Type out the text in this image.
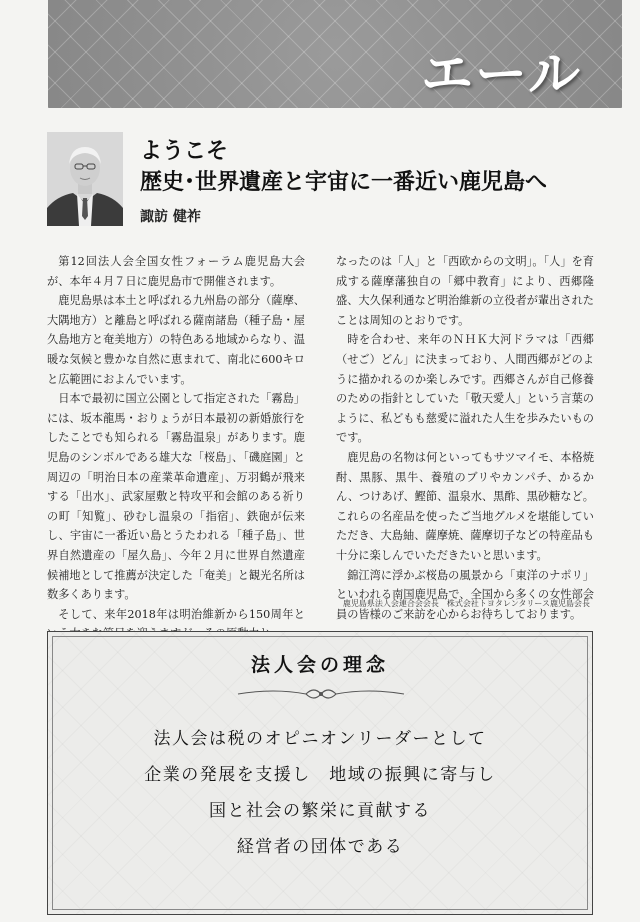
エール
ようこそ
歴史･世界遺産と宇宙に一番近い鹿児島へ
諏訪 健祚

第12回法人会全国女性フォーラム鹿児島大会が、本年４月７日に鹿児島市で開催されます。

鹿児島県は本土と呼ばれる九州島の部分（薩摩、大隅地方）と離島と呼ばれる薩南諸島（種子島・屋久島地方と奄美地方）の特色ある地域からなり、温暖な気候と豊かな自然に恵まれて、南北に600キロと広範囲におよんでいます。

日本で最初に国立公園として指定された「霧島」には、坂本龍馬・おりょうが日本最初の新婚旅行をしたことでも知られる「霧島温泉」があります。鹿児島のシンボルである雄大な「桜島」、「磯庭園」と周辺の「明治日本の産業革命遺産」、万羽鶴が飛来する「出水」、武家屋敷と特攻平和会館のある祈りの町「知覧」、砂むし温泉の「指宿」、鉄砲が伝来し、宇宙に一番近い島とうたわれる「種子島」、世界自然遺産の「屋久島」、今年２月に世界自然遺産候補地として推薦が決定した「奄美」と観光名所は数多くあります。

そして、来年2018年は明治維新から150周年と

なったのは「人」と「西欧からの文明」。「人」を育成する薩摩藩独自の「郷中教育」により、西郷隆盛、大久保利通など明治維新の立役者が輩出されたことは周知のとおりです。

時を合わせ、来年のＮＨＫ大河ドラマは「西郷（せご）どん」に決まっており、人間西郷がどのように描かれるのか楽しみです。西郷さんが自己修養のための指針としていた「敬天愛人」という言葉のように、私どもも慈愛に溢れた人生を歩みたいものです。

鹿児島の名物は何といってもサツマイモ、本格焼酎、黒豚、黒牛、養殖のブリやカンパチ、かるかん、つけあげ、鰹節、温泉水、黒酢、黒砂糖など。これらの名産品を使ったご当地グルメを堪能していただき、大島紬、薩摩焼、薩摩切子などの特産品も十分に楽しんでいただきたいと思います。

錦江湾に浮かぶ桜島の風景から「東洋のナポリ」といわれる南国鹿児島で、全国から多くの女性部会員の皆様のご来訪を心からお待ちしております。

鹿児島県法人会連合会会長　株式会社トヨタレンタリース鹿児島会長
法人会の理念
法人会は税のオピニオンリーダーとして
企業の発展を支援し　地域の振興に寄与し
国と社会の繁栄に貢献する
経営者の団体である
